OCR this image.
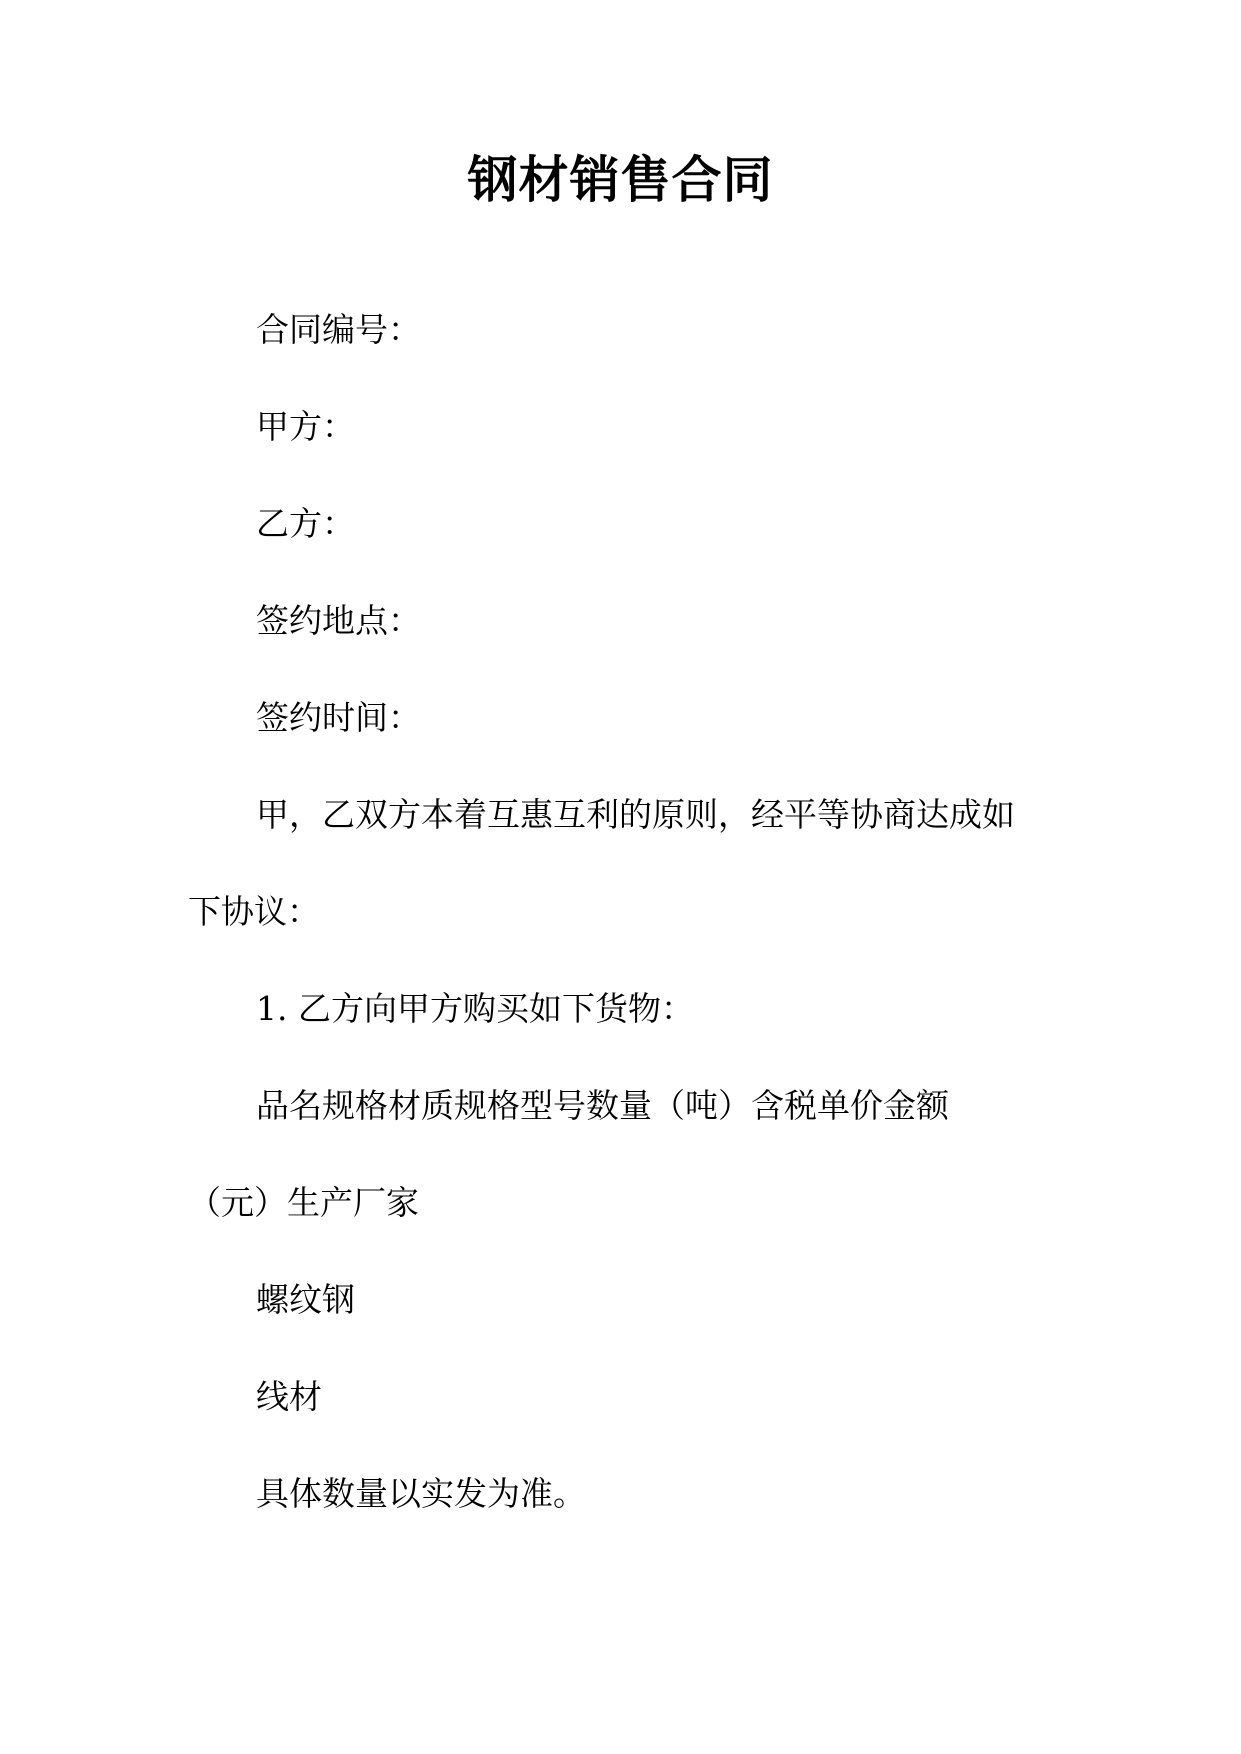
钢材销售合同

合同编号：

甲方：

乙方：

签约地点：

签约时间：

甲，乙双方本着互惠互利的原则，经平等协商达成如

下协议：

1. 乙方向甲方购买如下货物：

品名规格材质规格型号数量（吨）含税单价金额

（元）生产厂家

螺纹钢

线材

具体数量以实发为准。
